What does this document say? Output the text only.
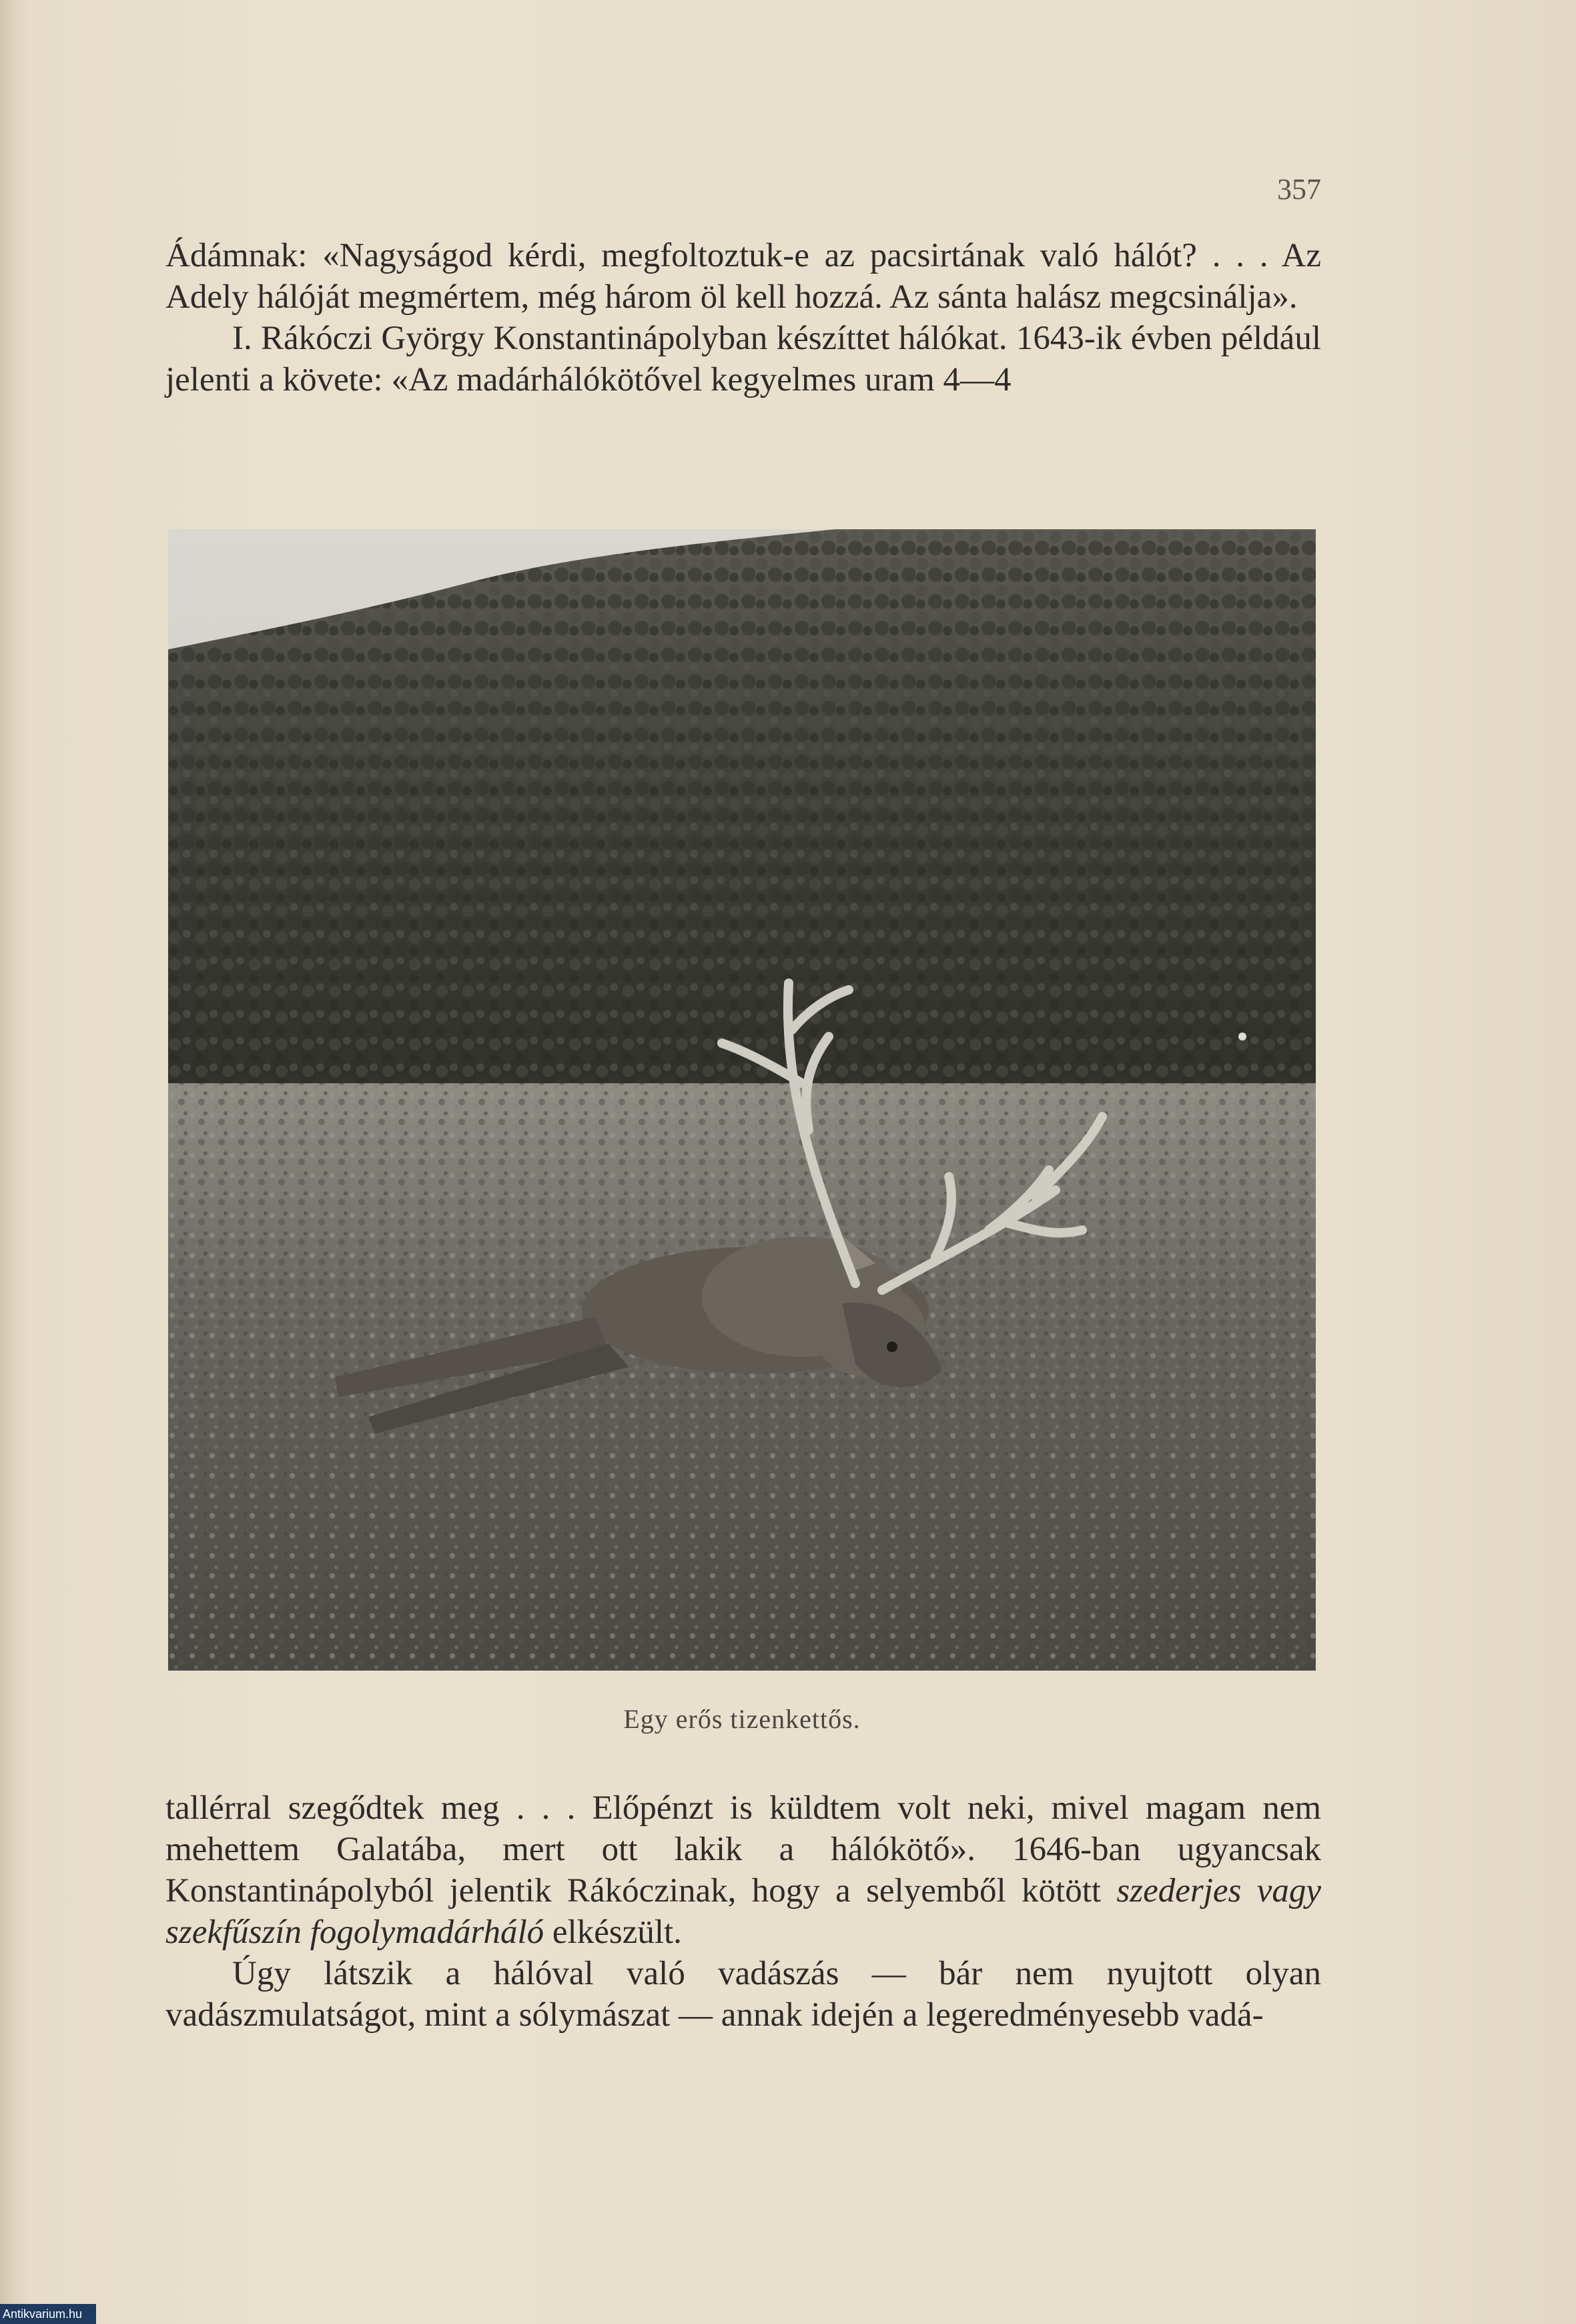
357

Ádámnak: «Nagyságod kérdi, megfoltoztuk-e az pacsirtának való hálót? . . . Az Adely hálóját megmértem, még három öl kell hozzá. Az sánta halász megcsinálja».

I. Rákóczi György Konstantinápolyban készíttet hálókat. 1643-ik évben például jelenti a követe: «Az madárhálókötővel kegyelmes uram 4—4

Egy erős tizenkettős.

tallérral szegődtek meg . . . Előpénzt is küldtem volt neki, mivel magam nem mehettem Galatába, mert ott lakik a hálókötő». 1646-ban ugyancsak Konstantinápolyból jelentik Rákóczinak, hogy a selyemből kötött szederjes vagy szekfűszín fogolymadárháló elkészült.

Úgy látszik a hálóval való vadászás — bár nem nyujtott olyan vadászmulatságot, mint a sólymászat — annak idején a legeredményesebb vadá-

Antikvarium.hu
